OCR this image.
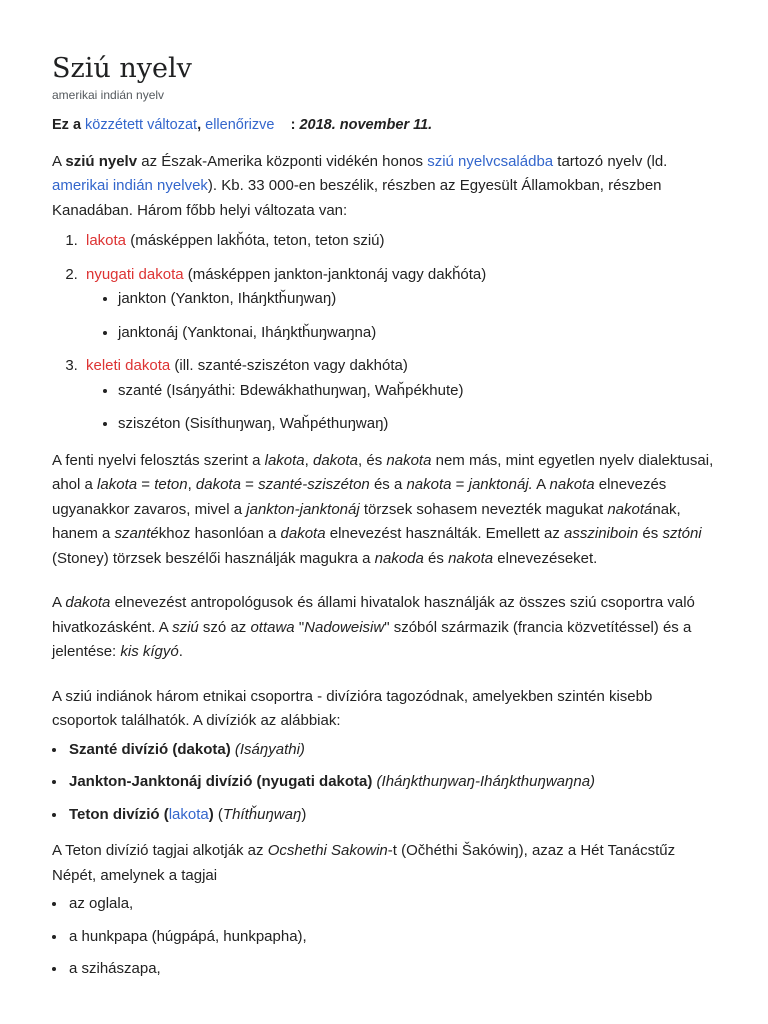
Sziú nyelv
amerikai indián nyelv

Ez a közzétett változat, ellenőrizve : 2018. november 11.

A sziú nyelv az Észak-Amerika központi vidékén honos sziú nyelvcsaládba tartozó nyelv (ld. amerikai indián nyelvek). Kb. 33 000-en beszélik, részben az Egyesült Államokban, részben Kanadában. Három főbb helyi változata van:

1. lakota (másképpen lakȟóta, teton, teton sziú)
2. nyugati dakota (másképpen jankton-janktonáj vagy dakȟóta)
• jankton (Yankton, Iháŋktȟuŋwaŋ)
• janktonáj (Yanktonai, Iháŋktȟuŋwaŋna)
3. keleti dakota (ill. szanté-sziszéton vagy dakhóta)
• szanté (Isáŋyáthi: Bdewákhathuŋwaŋ, Waȟpékhute)
• sziszéton (Sisíthuŋwaŋ, Waȟpéthuŋwaŋ)

A fenti nyelvi felosztás szerint a lakota, dakota, és nakota nem más, mint egyetlen nyelv dialektusai, ahol a lakota = teton, dakota = szanté-sziszéton és a nakota = janktonáj. A nakota elnevezés ugyanakkor zavaros, mivel a jankton-janktonáj törzsek sohasem nevezték magukat nakotának, hanem a szantékhoz hasonlóan a dakota elnevezést használták. Emellett az assziniboin és sztóni (Stoney) törzsek beszélői használják magukra a nakoda és nakota elnevezéseket.

A dakota elnevezést antropológusok és állami hivatalok használják az összes sziú csoportra való hivatkozásként. A sziú szó az ottawa "Nadoweisiw" szóból származik (francia közvetítéssel) és a jelentése: kis kígyó.

A sziú indiánok három etnikai csoportra - divízióra tagozódnak, amelyekben szintén kisebb csoportok találhatók. A divíziók az alábbiak:

• Szanté divízió (dakota) (Isáŋyathi)
• Jankton-Janktonáj divízió (nyugati dakota) (Iháŋkthuŋwaŋ-Iháŋkthuŋwaŋna)
• Teton divízió (lakota) (Thítȟuŋwaŋ)

A Teton divízió tagjai alkotják az Ocshethi Sakowin-t (Očhéthi Šakówiŋ), azaz a Hét Tanácstűz Népét, amelynek a tagjai

• az oglala,
• a hunkpapa (húgpápá, hunkpapha),
• a szihászapa,
